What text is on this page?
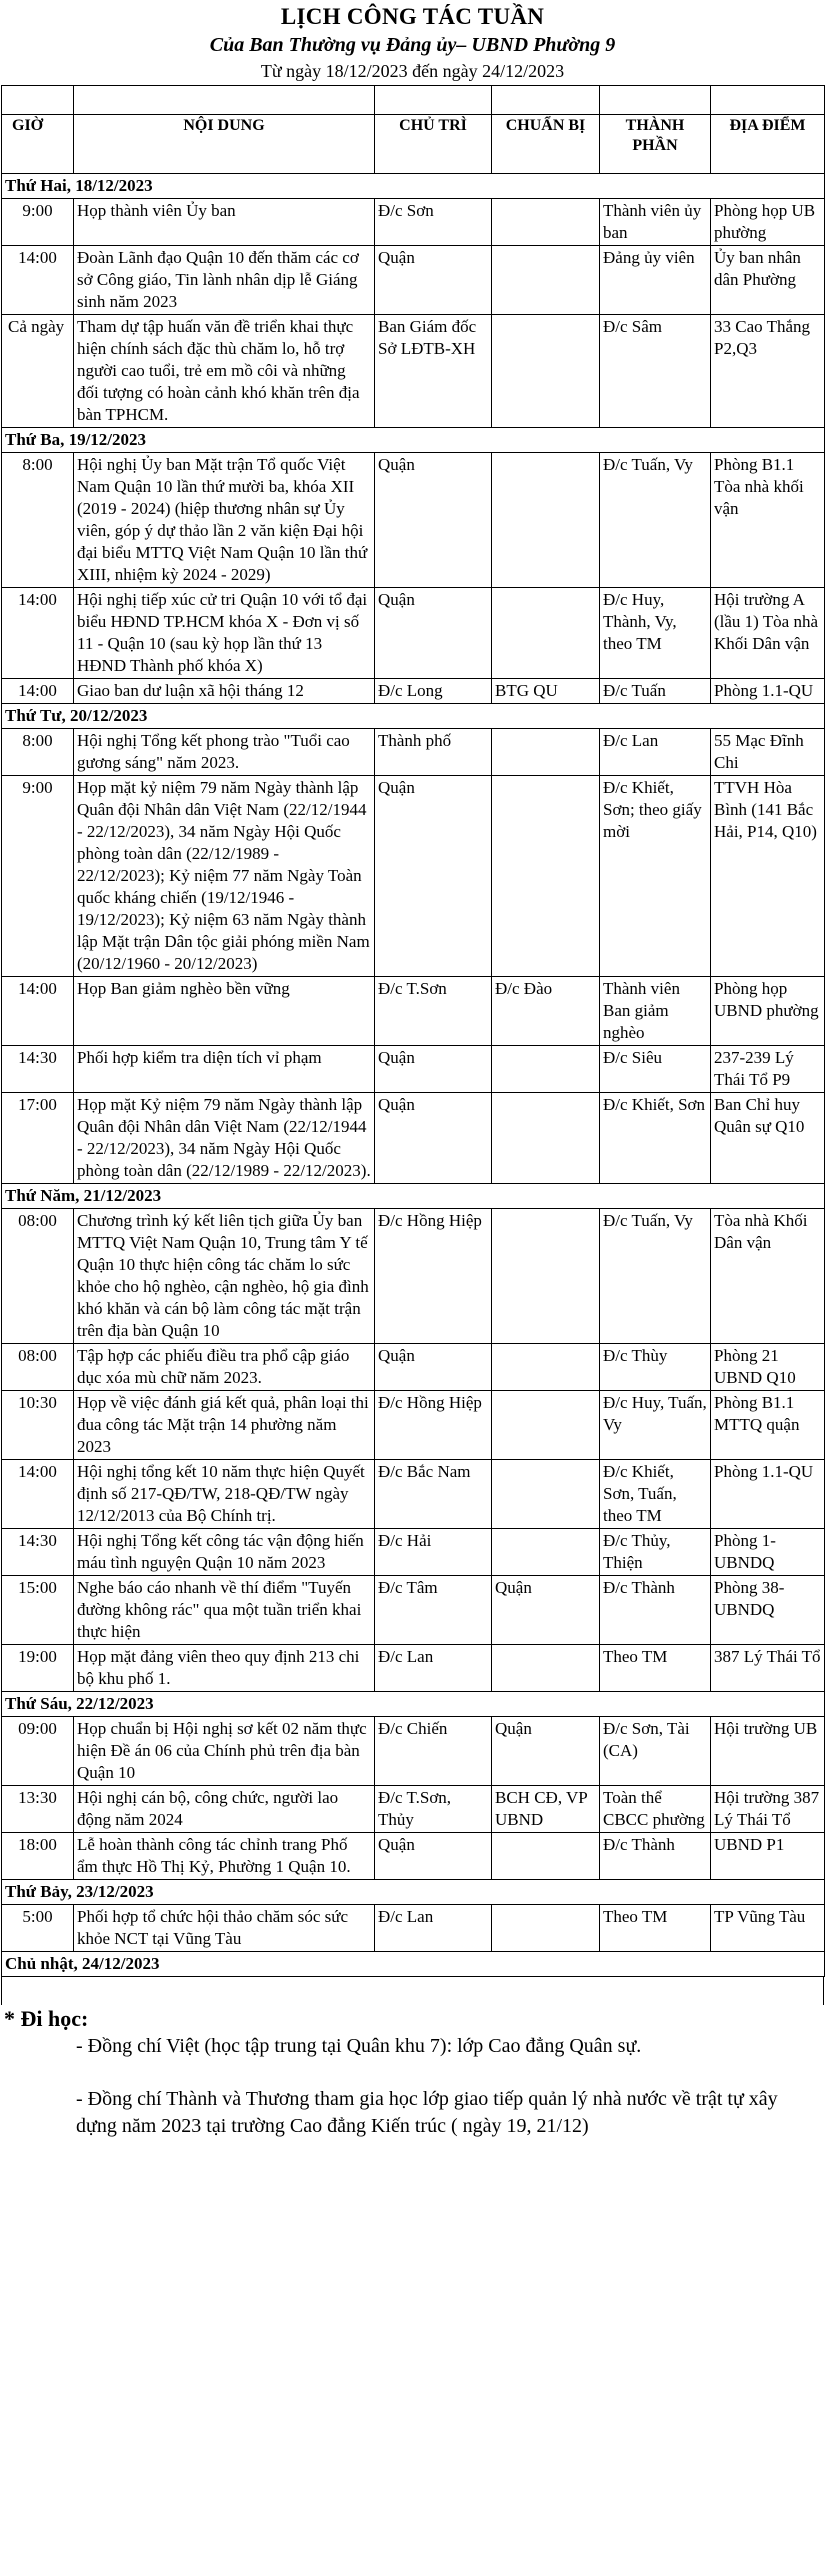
LỊCH CÔNG TÁC TUẦN
Của Ban Thường vụ Đảng ủy– UBND Phường 9
Từ ngày 18/12/2023 đến ngày 24/12/2023

GIỜ	NỘI DUNG	CHỦ TRÌ	CHUẨN BỊ	THÀNH PHẦN	ĐỊA ĐIỂM
Thứ Hai, 18/12/2023					
9:00	Họp thành viên Ủy ban	Đ/c Sơn		Thành viên ủy ban	Phòng họp UB phường
14:00	Đoàn Lãnh đạo Quận 10 đến thăm các cơ sở Công giáo, Tin lành nhân dịp lễ Giáng sinh năm 2023	Quận		Đảng ủy viên	Ủy ban nhân dân Phường
Cả ngày	Tham dự tập huấn văn đề triển khai thực hiện chính sách đặc thù chăm lo, hỗ trợ người cao tuổi, trẻ em mồ côi và những đối tượng có hoàn cảnh khó khăn trên địa bàn TPHCM.	Ban Giám đốc Sở LĐTB-XH		Đ/c Sâm	33 Cao Thắng P2,Q3
Thứ Ba, 19/12/2023					
8:00	Hội nghị Ủy ban Mặt trận Tổ quốc Việt Nam Quận 10 lần thứ mười ba, khóa XII (2019 - 2024) (hiệp thương nhân sự Ủy viên, góp ý dự thảo lần 2 văn kiện Đại hội đại biểu MTTQ Việt Nam Quận 10 lần thứ XIII, nhiệm kỳ 2024 - 2029)	Quận		Đ/c Tuấn, Vy	Phòng B1.1 Tòa nhà khối vận
14:00	Hội nghị tiếp xúc cử tri Quận 10 với tổ đại biểu HĐND TP.HCM khóa X - Đơn vị số 11 - Quận 10 (sau kỳ họp lần thứ 13 HĐND Thành phố khóa X)	Quận		Đ/c Huy, Thành, Vy, theo TM	Hội trường A (lầu 1) Tòa nhà Khối Dân vận
14:00	Giao ban dư luận xã hội tháng 12	Đ/c Long	BTG QU	Đ/c Tuấn	Phòng 1.1-QU
Thứ Tư, 20/12/2023					
8:00	Hội nghị Tổng kết phong trào "Tuổi cao gương sáng" năm 2023.	Thành phố		Đ/c Lan	55 Mạc Đĩnh Chi
9:00	Họp mặt kỷ niệm 79 năm Ngày thành lập Quân đội Nhân dân Việt Nam (22/12/1944 - 22/12/2023), 34 năm Ngày Hội Quốc phòng toàn dân (22/12/1989 - 22/12/2023); Kỷ niệm 77 năm Ngày Toàn quốc kháng chiến (19/12/1946 - 19/12/2023); Kỷ niệm 63 năm Ngày thành lập Mặt trận Dân tộc giải phóng miền Nam (20/12/1960 - 20/12/2023)	Quận		Đ/c Khiết, Sơn; theo giấy mời	TTVH Hòa Bình (141 Bắc Hải, P14, Q10)
14:00	Họp Ban giảm nghèo bền vững	Đ/c T.Sơn	Đ/c Đào	Thành viên Ban giảm nghèo	Phòng họp UBND phường
14:30	Phối hợp kiểm tra diện tích vỉ phạm	Quận		Đ/c Siêu	237-239 Lý Thái Tổ P9
17:00	Họp mặt Kỷ niệm 79 năm Ngày thành lập Quân đội Nhân dân Việt Nam (22/12/1944 - 22/12/2023), 34 năm Ngày Hội Quốc phòng toàn dân (22/12/1989 - 22/12/2023).	Quận		Đ/c Khiết, Sơn	Ban Chỉ huy Quân sự Q10
Thứ Năm, 21/12/2023					
08:00	Chương trình ký kết liên tịch giữa Ủy ban MTTQ Việt Nam Quận 10, Trung tâm Y tế Quận 10 thực hiện công tác chăm lo sức khỏe cho hộ nghèo, cận nghèo, hộ gia đình khó khăn và cán bộ làm công tác mặt trận trên địa bàn Quận 10	Đ/c Hồng Hiệp		Đ/c Tuấn, Vy	Tòa nhà Khối Dân vận
08:00	Tập hợp các phiếu điều tra phổ cập giáo dục xóa mù chữ năm 2023.	Quận		Đ/c Thùy	Phòng 21 UBND Q10
10:30	Họp về việc đánh giá kết quả, phân loại thi đua công tác Mặt trận 14 phường năm 2023	Đ/c Hồng Hiệp		Đ/c Huy, Tuấn, Vy	Phòng B1.1 MTTQ quận
14:00	Hội nghị tổng kết 10 năm thực hiện Quyết định số 217-QĐ/TW, 218-QĐ/TW ngày 12/12/2013 của Bộ Chính trị.	Đ/c Bắc Nam		Đ/c Khiết, Sơn, Tuấn, theo TM	Phòng 1.1-QU
14:30	Hội nghị Tổng kết công tác vận động hiến máu tình nguyện Quận 10 năm 2023	Đ/c Hải		Đ/c Thủy, Thiện	Phòng 1-UBNDQ
15:00	Nghe báo cáo nhanh về thí điểm "Tuyến đường không rác" qua một tuần triển khai thực hiện	Đ/c Tâm	Quận	Đ/c Thành	Phòng 38-UBNDQ
19:00	Họp mặt đảng viên theo quy định 213 chi bộ khu phố 1.	Đ/c Lan		Theo TM	387 Lý Thái Tổ
Thứ Sáu, 22/12/2023					
09:00	Họp chuẩn bị Hội nghị sơ kết 02 năm thực hiện Đề án 06 của Chính phủ trên địa bàn Quận 10	Đ/c Chiến	Quận	Đ/c Sơn, Tài (CA)	Hội trường UB
13:30	Hội nghị cán bộ, công chức, người lao động năm 2024	Đ/c T.Sơn, Thủy	BCH CĐ, VP UBND	Toàn thể CBCC phường	Hội trường 387 Lý Thái Tổ
18:00	Lễ hoàn thành công tác chỉnh trang Phố ẩm thực Hồ Thị Kỷ, Phường 1 Quận 10.	Quận		Đ/c Thành	UBND P1
Thứ Bảy, 23/12/2023					
5:00	Phối hợp tổ chức hội thảo chăm sóc sức khỏe NCT tại Vũng Tàu	Đ/c Lan		Theo TM	TP Vũng Tàu
Chủ nhật, 24/12/2023					
* Đi học:
- Đồng chí Việt (học tập trung tại Quân khu 7): lớp Cao đẳng Quân sự.
- Đồng chí Thành và Thương tham gia học lớp giao tiếp quản lý nhà nước về trật tự xây dựng năm 2023 tại trường Cao đẳng Kiến trúc ( ngày 19, 21/12)
